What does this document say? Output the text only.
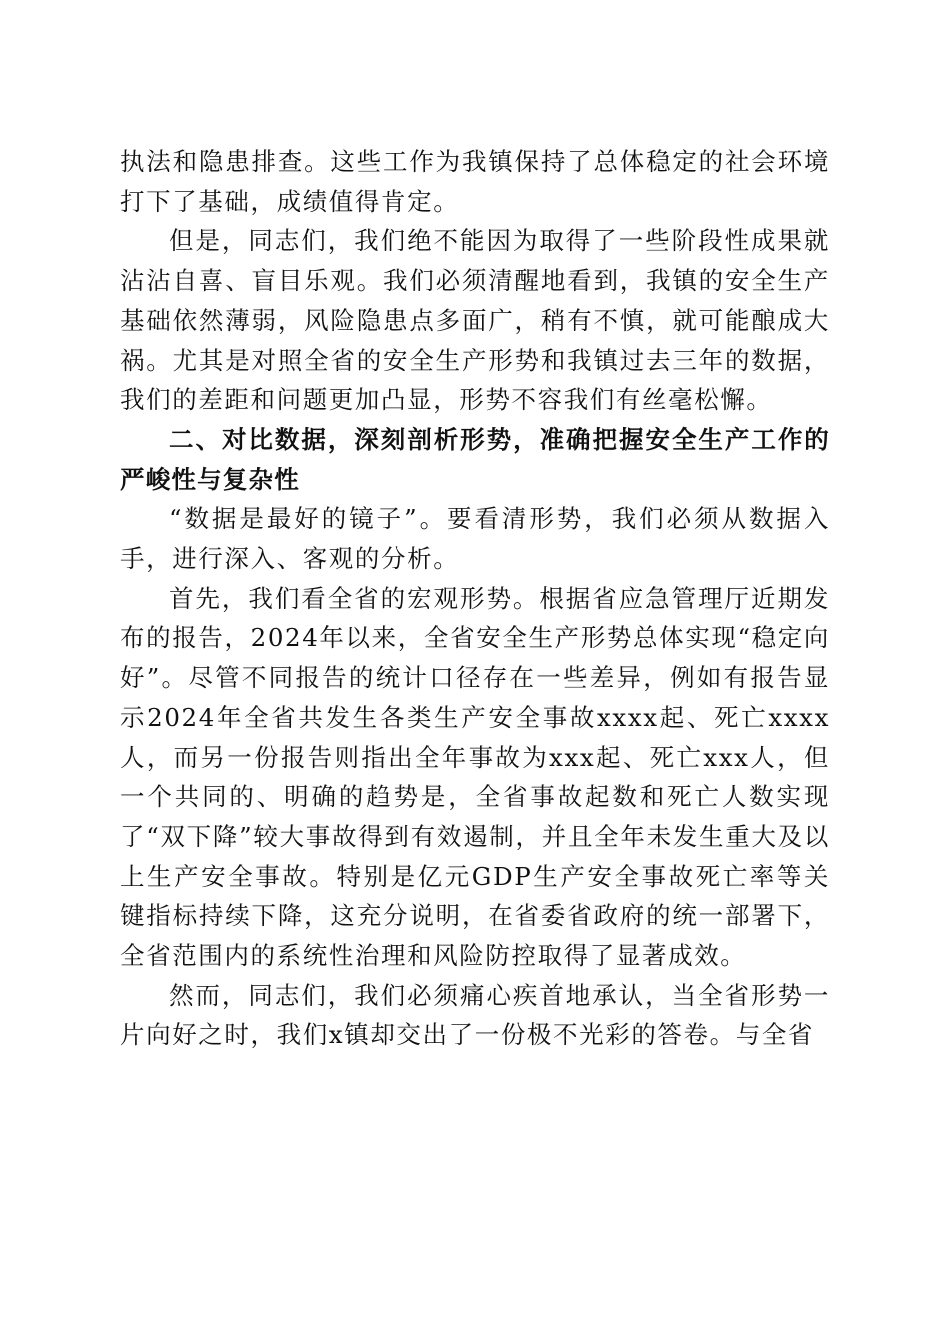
执法和隐患排查。这些工作为我镇保持了总体稳定的社会环境打下了基础，成绩值得肯定。

但是，同志们，我们绝不能因为取得了一些阶段性成果就沾沾自喜、盲目乐观。我们必须清醒地看到，我镇的安全生产基础依然薄弱，风险隐患点多面广，稍有不慎，就可能酿成大祸。尤其是对照全省的安全生产形势和我镇过去三年的数据，我们的差距和问题更加凸显，形势不容我们有丝毫松懈。

二、对比数据，深刻剖析形势，准确把握安全生产工作的严峻性与复杂性

“数据是最好的镜子”。要看清形势，我们必须从数据入手，进行深入、客观的分析。

首先，我们看全省的宏观形势。根据省应急管理厅近期发布的报告，2024年以来，全省安全生产形势总体实现“稳定向好”。尽管不同报告的统计口径存在一些差异，例如有报告显示2024年全省共发生各类生产安全事故xxxx起、死亡xxxx人，而另一份报告则指出全年事故为xxx起、死亡xxx人，但一个共同的、明确的趋势是，全省事故起数和死亡人数实现了“双下降”较大事故得到有效遏制，并且全年未发生重大及以上生产安全事故。特别是亿元GDP生产安全事故死亡率等关键指标持续下降，这充分说明，在省委省政府的统一部署下，全省范围内的系统性治理和风险防控取得了显著成效。

然而，同志们，我们必须痛心疾首地承认，当全省形势一片向好之时，我们x镇却交出了一份极不光彩的答卷。与全省
